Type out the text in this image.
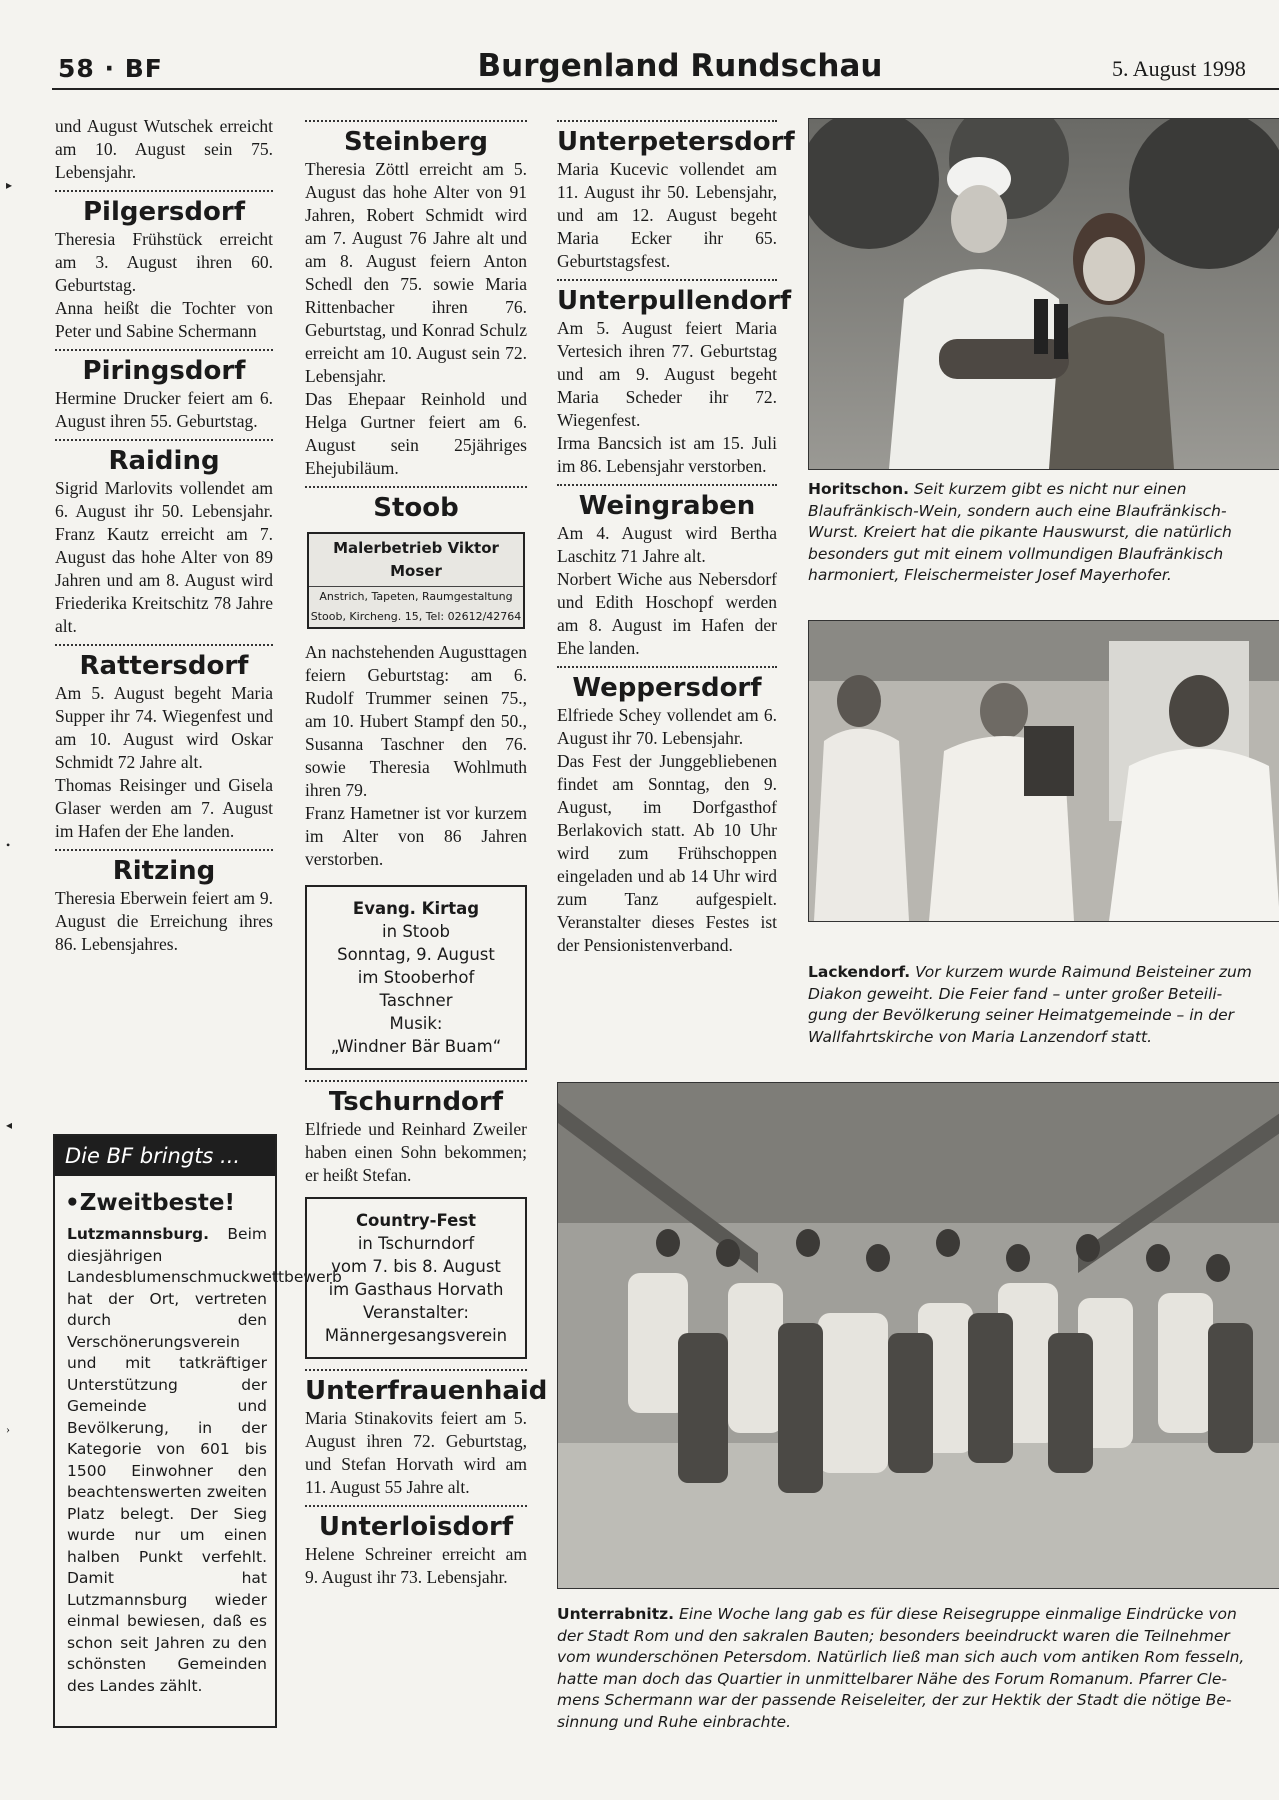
58 · BF	Burgenland Rundschau	5. August 1998
▸
•
◂
›

und August Wutschek erreicht am 10. August sein 75. Lebensjahr.

Pilgersdorf

Theresia Frühstück erreicht am 3. August ihren 60. Geburtstag.

Anna heißt die Tochter von Peter und Sabine Schermann

Piringsdorf

Hermine Drucker feiert am 6. August ihren 55. Geburtstag.

Raiding

Sigrid Marlovits vollendet am 6. August ihr 50. Lebensjahr. Franz Kautz erreicht am 7. August das hohe Alter von 89 Jahren und am 8. August wird Friederika Kreitschitz 78 Jahre alt.

Rattersdorf

Am 5. August begeht Maria Supper ihr 74. Wiegenfest und am 10. August wird Oskar Schmidt 72 Jahre alt.

Thomas Reisinger und Gisela Glaser werden am 7. August im Hafen der Ehe landen.

Ritzing

Theresia Eberwein feiert am 9. August die Erreichung ihres 86. Lebensjahres.

Die BF bringts ...
•Zweitbeste!

Lutzmannsburg. Beim diesjährigen Landesblumenschmuckwettbewerb hat der Ort, vertreten durch den Verschönerungsverein und mit tatkräftiger Unterstützung der Gemeinde und Bevölkerung, in der Kategorie von 601 bis 1500 Einwohner den beachtenswerten zweiten Platz belegt. Der Sieg wurde nur um einen halben Punkt verfehlt. Damit hat Lutzmannsburg wieder einmal bewiesen, daß es schon seit Jahren zu den schönsten Gemeinden des Landes zählt.

Steinberg

Theresia Zöttl erreicht am 5. August das hohe Alter von 91 Jahren, Robert Schmidt wird am 7. August 76 Jahre alt und am 8. August feiern Anton Schedl den 75. sowie Maria Rittenbacher ihren 76. Geburtstag, und Konrad Schulz erreicht am 10. August sein 72. Lebensjahr.

Das Ehepaar Reinhold und Helga Gurtner feiert am 6. August sein 25jähriges Ehejubiläum.

Stoob
Malerbetrieb Viktor Moser
Anstrich, Tapeten, Raumgestaltung
Stoob, Kircheng. 15, Tel: 02612/42764

An nachstehenden Augusttagen feiern Geburtstag: am 6. Rudolf Trummer seinen 75., am 10. Hubert Stampf den 50., Susanna Taschner den 76. sowie Theresia Wohlmuth ihren 79.

Franz Hametner ist vor kurzem im Alter von 86 Jahren verstorben.

Evang. Kirtag
in Stoob
Sonntag, 9. August
im Stooberhof
Taschner
Musik:
„Windner Bär Buam“
Tschurndorf

Elfriede und Reinhard Zweiler haben einen Sohn bekommen; er heißt Stefan.

Country-Fest
in Tschurndorf
vom 7. bis 8. August
im Gasthaus Horvath
Veranstalter:
Männergesangsverein
Unterfrauenhaid

Maria Stinakovits feiert am 5. August ihren 72. Geburtstag, und Stefan Horvath wird am 11. August 55 Jahre alt.

Unterloisdorf

Helene Schreiner erreicht am 9. August ihr 73. Lebensjahr.

Unterpetersdorf

Maria Kucevic vollendet am 11. August ihr 50. Lebensjahr, und am 12. August begeht Maria Ecker ihr 65. Geburtstagsfest.

Unterpullendorf

Am 5. August feiert Maria Vertesich ihren 77. Geburtstag und am 9. August begeht Maria Scheder ihr 72. Wiegenfest.

Irma Bancsich ist am 15. Juli im 86. Lebensjahr verstorben.

Weingraben

Am 4. August wird Bertha Laschitz 71 Jahre alt.

Norbert Wiche aus Nebersdorf und Edith Hoschopf werden am 8. August im Hafen der Ehe landen.

Weppersdorf

Elfriede Schey vollendet am 6. August ihr 70. Lebensjahr.

Das Fest der Junggebliebenen findet am Sonntag, den 9. August, im Dorfgasthof Berlakovich statt. Ab 10 Uhr wird zum Frühschoppen eingeladen und ab 14 Uhr wird zum Tanz aufgespielt. Veranstalter dieses Festes ist der Pensionistenverband.

Horitschon. Seit kurzem gibt es nicht nur einen
Blaufränkisch-Wein, sondern auch eine Blaufränkisch-
Wurst. Kreiert hat die pikante Hauswurst, die natürlich
besonders gut mit einem vollmundigen Blaufränkisch
harmoniert, Fleischermeister Josef Mayerhofer.
Lackendorf. Vor kurzem wurde Raimund Beisteiner zum
Diakon geweiht. Die Feier fand – unter großer Beteili-
gung der Bevölkerung seiner Heimatgemeinde – in der
Wallfahrtskirche von Maria Lanzendorf statt.
Unterrabnitz. Eine Woche lang gab es für diese Reisegruppe einmalige Eindrücke von
der Stadt Rom und den sakralen Bauten; besonders beeindruckt waren die Teilnehmer
vom wunderschönen Petersdom. Natürlich ließ man sich auch vom antiken Rom fesseln,
hatte man doch das Quartier in unmittelbarer Nähe des Forum Romanum. Pfarrer Cle-
mens Schermann war der passende Reiseleiter, der zur Hektik der Stadt die nötige Be-
sinnung und Ruhe einbrachte.
